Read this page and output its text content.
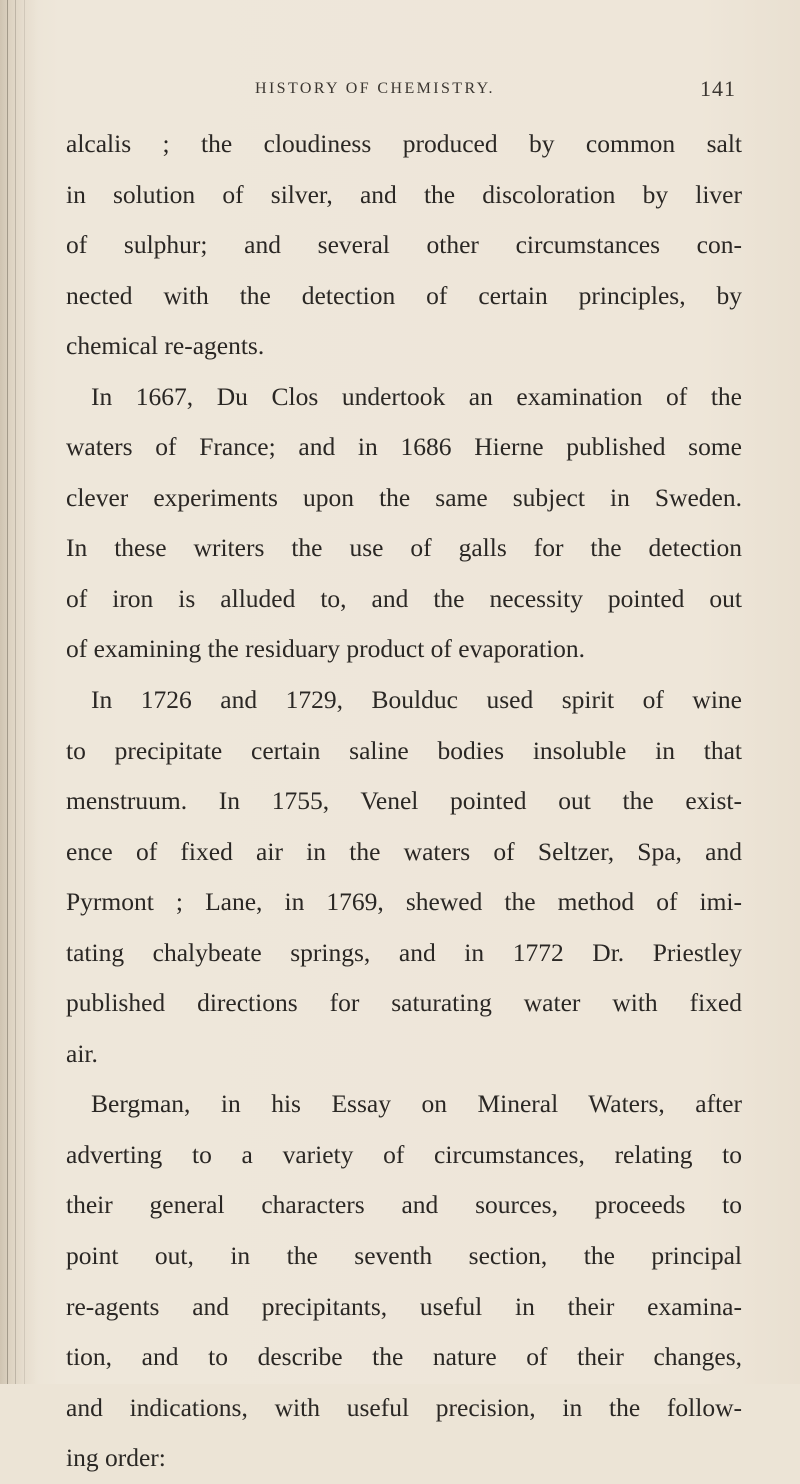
HISTORY OF CHEMISTRY.	141
alcalis ; the cloudiness produced by common salt
in solution of silver, and the discoloration by liver
of sulphur; and several other circumstances con-
nected with the detection of certain principles, by
chemical re-agents.
In 1667, Du Clos undertook an examination of the
waters of France; and in 1686 Hierne published some
clever experiments upon the same subject in Sweden.
In these writers the use of galls for the detection
of iron is alluded to, and the necessity pointed out
of examining the residuary product of evaporation.
In 1726 and 1729, Boulduc used spirit of wine
to precipitate certain saline bodies insoluble in that
menstruum. In 1755, Venel pointed out the exist-
ence of fixed air in the waters of Seltzer, Spa, and
Pyrmont ; Lane, in 1769, shewed the method of imi-
tating chalybeate springs, and in 1772 Dr. Priestley
published directions for saturating water with fixed
air.
Bergman, in his Essay on Mineral Waters, after
adverting to a variety of circumstances, relating to
their general characters and sources, proceeds to
point out, in the seventh section, the principal
re-agents and precipitants, useful in their examina-
tion, and to describe the nature of their changes,
and indications, with useful precision, in the follow-
ing order:
